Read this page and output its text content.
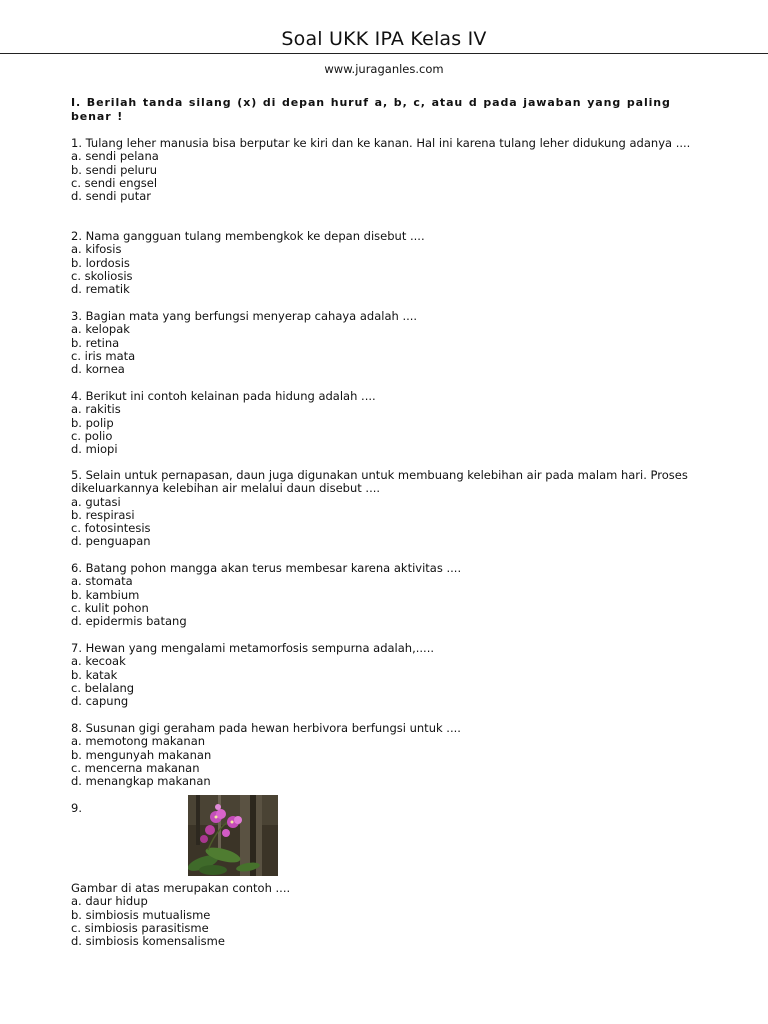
Soal UKK IPA Kelas IV
www.juraganles.com
I. Berilah tanda silang (x) di depan huruf a, b, c, atau d pada jawaban yang paling benar !

1. Tulang leher manusia bisa berputar ke kiri dan ke kanan. Hal ini karena tulang leher didukung adanya ....

a. sendi pelana

b. sendi peluru

c. sendi engsel

d. sendi putar

2. Nama gangguan tulang membengkok ke depan disebut ....

a. kifosis

b. lordosis

c. skoliosis

d. rematik

3. Bagian mata yang berfungsi menyerap cahaya adalah ....

a. kelopak

b. retina

c. iris mata

d. kornea

4. Berikut ini contoh kelainan pada hidung adalah ....

a. rakitis

b. polip

c. polio

d. miopi

5. Selain untuk pernapasan, daun juga digunakan untuk membuang kelebihan air pada malam hari. Proses dikeluarkannya kelebihan air melalui daun disebut ....

a. gutasi

b. respirasi

c. fotosintesis

d. penguapan

6. Batang pohon mangga akan terus membesar karena aktivitas ....

a. stomata

b. kambium

c. kulit pohon

d. epidermis batang

7. Hewan yang mengalami metamorfosis sempurna adalah,.....

a. kecoak

b. katak

c. belalang

d. capung

8. Susunan gigi geraham pada hewan herbivora berfungsi untuk ....

a. memotong makanan

b. mengunyah makanan

c. mencerna makanan

d. menangkap makanan

9.

Gambar di atas merupakan contoh ....

a. daur hidup

b. simbiosis mutualisme

c. simbiosis parasitisme

d. simbiosis komensalisme
